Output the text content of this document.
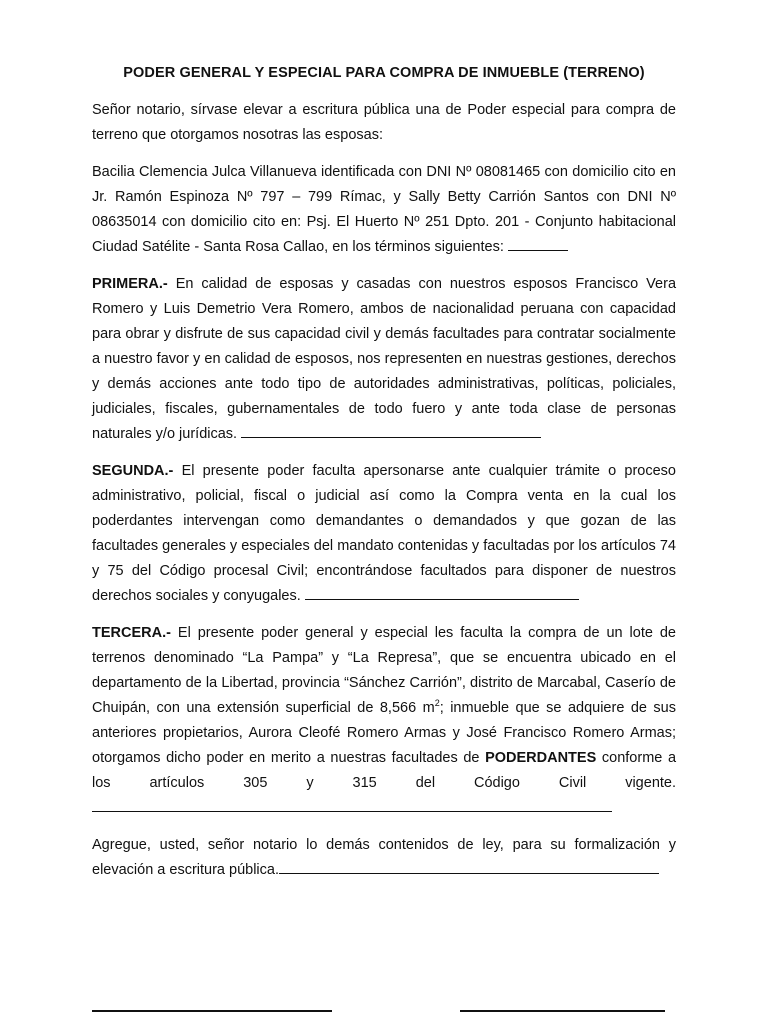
PODER GENERAL Y ESPECIAL PARA COMPRA DE INMUEBLE (TERRENO)

Señor notario, sírvase elevar a escritura pública una de Poder especial para compra de terreno que otorgamos nosotras las esposas:

Bacilia Clemencia Julca Villanueva identificada con DNI Nº 08081465 con domicilio cito en Jr. Ramón Espinoza Nº 797 – 799 Rímac, y Sally Betty Carrión Santos con DNI Nº 08635014 con domicilio cito en: Psj. El Huerto Nº 251 Dpto. 201 - Conjunto habitacional Ciudad Satélite - Santa Rosa Callao, en los términos siguientes:

PRIMERA.- En calidad de esposas y casadas con nuestros esposos Francisco Vera Romero y Luis Demetrio Vera Romero, ambos de nacionalidad peruana con capacidad para obrar y disfrute de sus capacidad civil y demás facultades para contratar socialmente a nuestro favor y en calidad de esposos, nos representen en nuestras gestiones, derechos y demás acciones ante todo tipo de autoridades administrativas, políticas, policiales, judiciales, fiscales, gubernamentales de todo fuero y ante toda clase de personas naturales y/o jurídicas.

SEGUNDA.- El presente poder faculta apersonarse ante cualquier trámite o proceso administrativo, policial, fiscal o judicial así como la Compra venta en la cual los poderdantes intervengan como demandantes o demandados y que gozan de las facultades generales y especiales del mandato contenidas y facultadas por los artículos 74 y 75 del Código procesal Civil; encontrándose facultados para disponer de nuestros derechos sociales y conyugales.

TERCERA.- El presente poder general y especial les faculta la compra de un lote de terrenos denominado “La Pampa” y “La Represa”, que se encuentra ubicado en el departamento de la Libertad, provincia “Sánchez Carrión”, distrito de Marcabal, Caserío de Chuipán, con una extensión superficial de 8,566 $m^2$; inmueble que se adquiere de sus anteriores propietarios, Aurora Cleofé Romero Armas y José Francisco Romero Armas; otorgamos dicho poder en merito a nuestras facultades de PODERDANTES conforme a los artículos 305 y 315 del Código Civil vigente.

Agregue, usted, señor notario lo demás contenidos de ley, para su formalización y elevación a escritura pública.
